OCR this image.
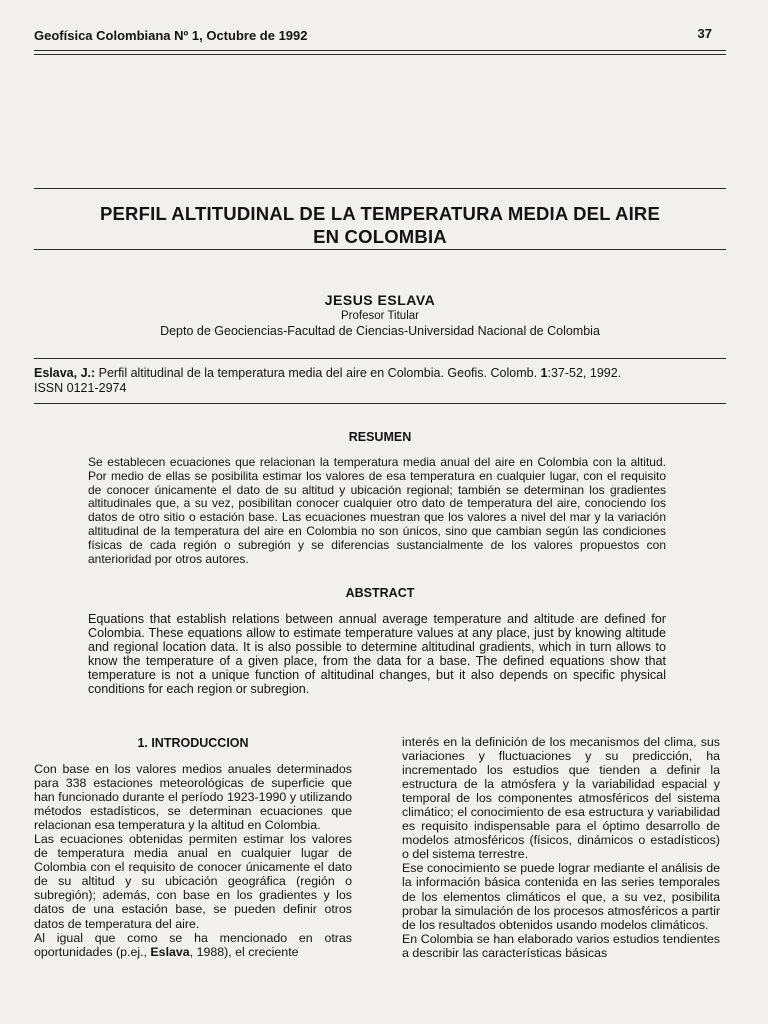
Geofísica Colombiana Nº 1, Octubre de 1992	37
PERFIL ALTITUDINAL DE LA TEMPERATURA MEDIA DEL AIRE
EN COLOMBIA
JESUS ESLAVA
Profesor Titular
Depto de Geociencias-Facultad de Ciencias-Universidad Nacional de Colombia
Eslava, J.: Perfil altitudinal de la temperatura media del aire en Colombia. Geofis. Colomb. 1:37-52, 1992.
ISSN 0121-2974
RESUMEN
Se establecen ecuaciones que relacionan la temperatura media anual del aire en Colombia con la altitud. Por medio de ellas se posibilita estimar los valores de esa temperatura en cualquier lugar, con el requisito de conocer únicamente el dato de su altitud y ubicación regional; también se determinan los gradientes altitudinales que, a su vez, posibilitan conocer cualquier otro dato de temperatura del aire, conociendo los datos de otro sitio o estación base. Las ecuaciones muestran que los valores a nivel del mar y la variación altitudinal de la temperatura del aire en Colombia no son únicos, sino que cambian según las condiciones físicas de cada región o subregión y se diferencias sustancialmente de los valores propuestos con anterioridad por otros autores.
ABSTRACT
Equations that establish relations between annual average temperature and altitude are defined for Colombia. These equations allow to estimate temperature values at any place, just by knowing altitude and regional location data. It is also possible to determine altitudinal gradients, which in turn allows to know the temperature of a given place, from the data for a base. The defined equations show that temperature is not a unique function of altitudinal changes, but it also depends on specific physical conditions for each region or subregion.
1. INTRODUCCION

Con base en los valores medios anuales determinados para 338 estaciones meteorológicas de superficie que han funcionado durante el período 1923-1990 y utilizando métodos estadísticos, se determinan ecuaciones que relacionan esa temperatura y la altitud en Colombia.

Las ecuaciones obtenidas permiten estimar los valores de temperatura media anual en cualquier lugar de Colombia con el requisito de conocer únicamente el dato de su altitud y su ubicación geográfica (región o subregión); además, con base en los gradientes y los datos de una estación base, se pueden definir otros datos de temperatura del aire.

Al igual que como se ha mencionado en otras oportunidades (p.ej., Eslava, 1988), el creciente

interés en la definición de los mecanismos del clima, sus variaciones y fluctuaciones y su predicción, ha incrementado los estudios que tienden a definir la estructura de la atmósfera y la variabilidad espacial y temporal de los componentes atmosféricos del sistema climático; el conocimiento de esa estructura y variabilidad es requisito indispensable para el óptimo desarrollo de modelos atmosféricos (físicos, dinámicos o estadísticos) o del sistema terrestre.

Ese conocimiento se puede lograr mediante el análisis de la información básica contenida en las series temporales de los elementos climáticos el que, a su vez, posibilita probar la simulación de los procesos atmosféricos a partir de los resultados obtenidos usando modelos climáticos.

En Colombia se han elaborado varios estudios tendientes a describir las características básicas
